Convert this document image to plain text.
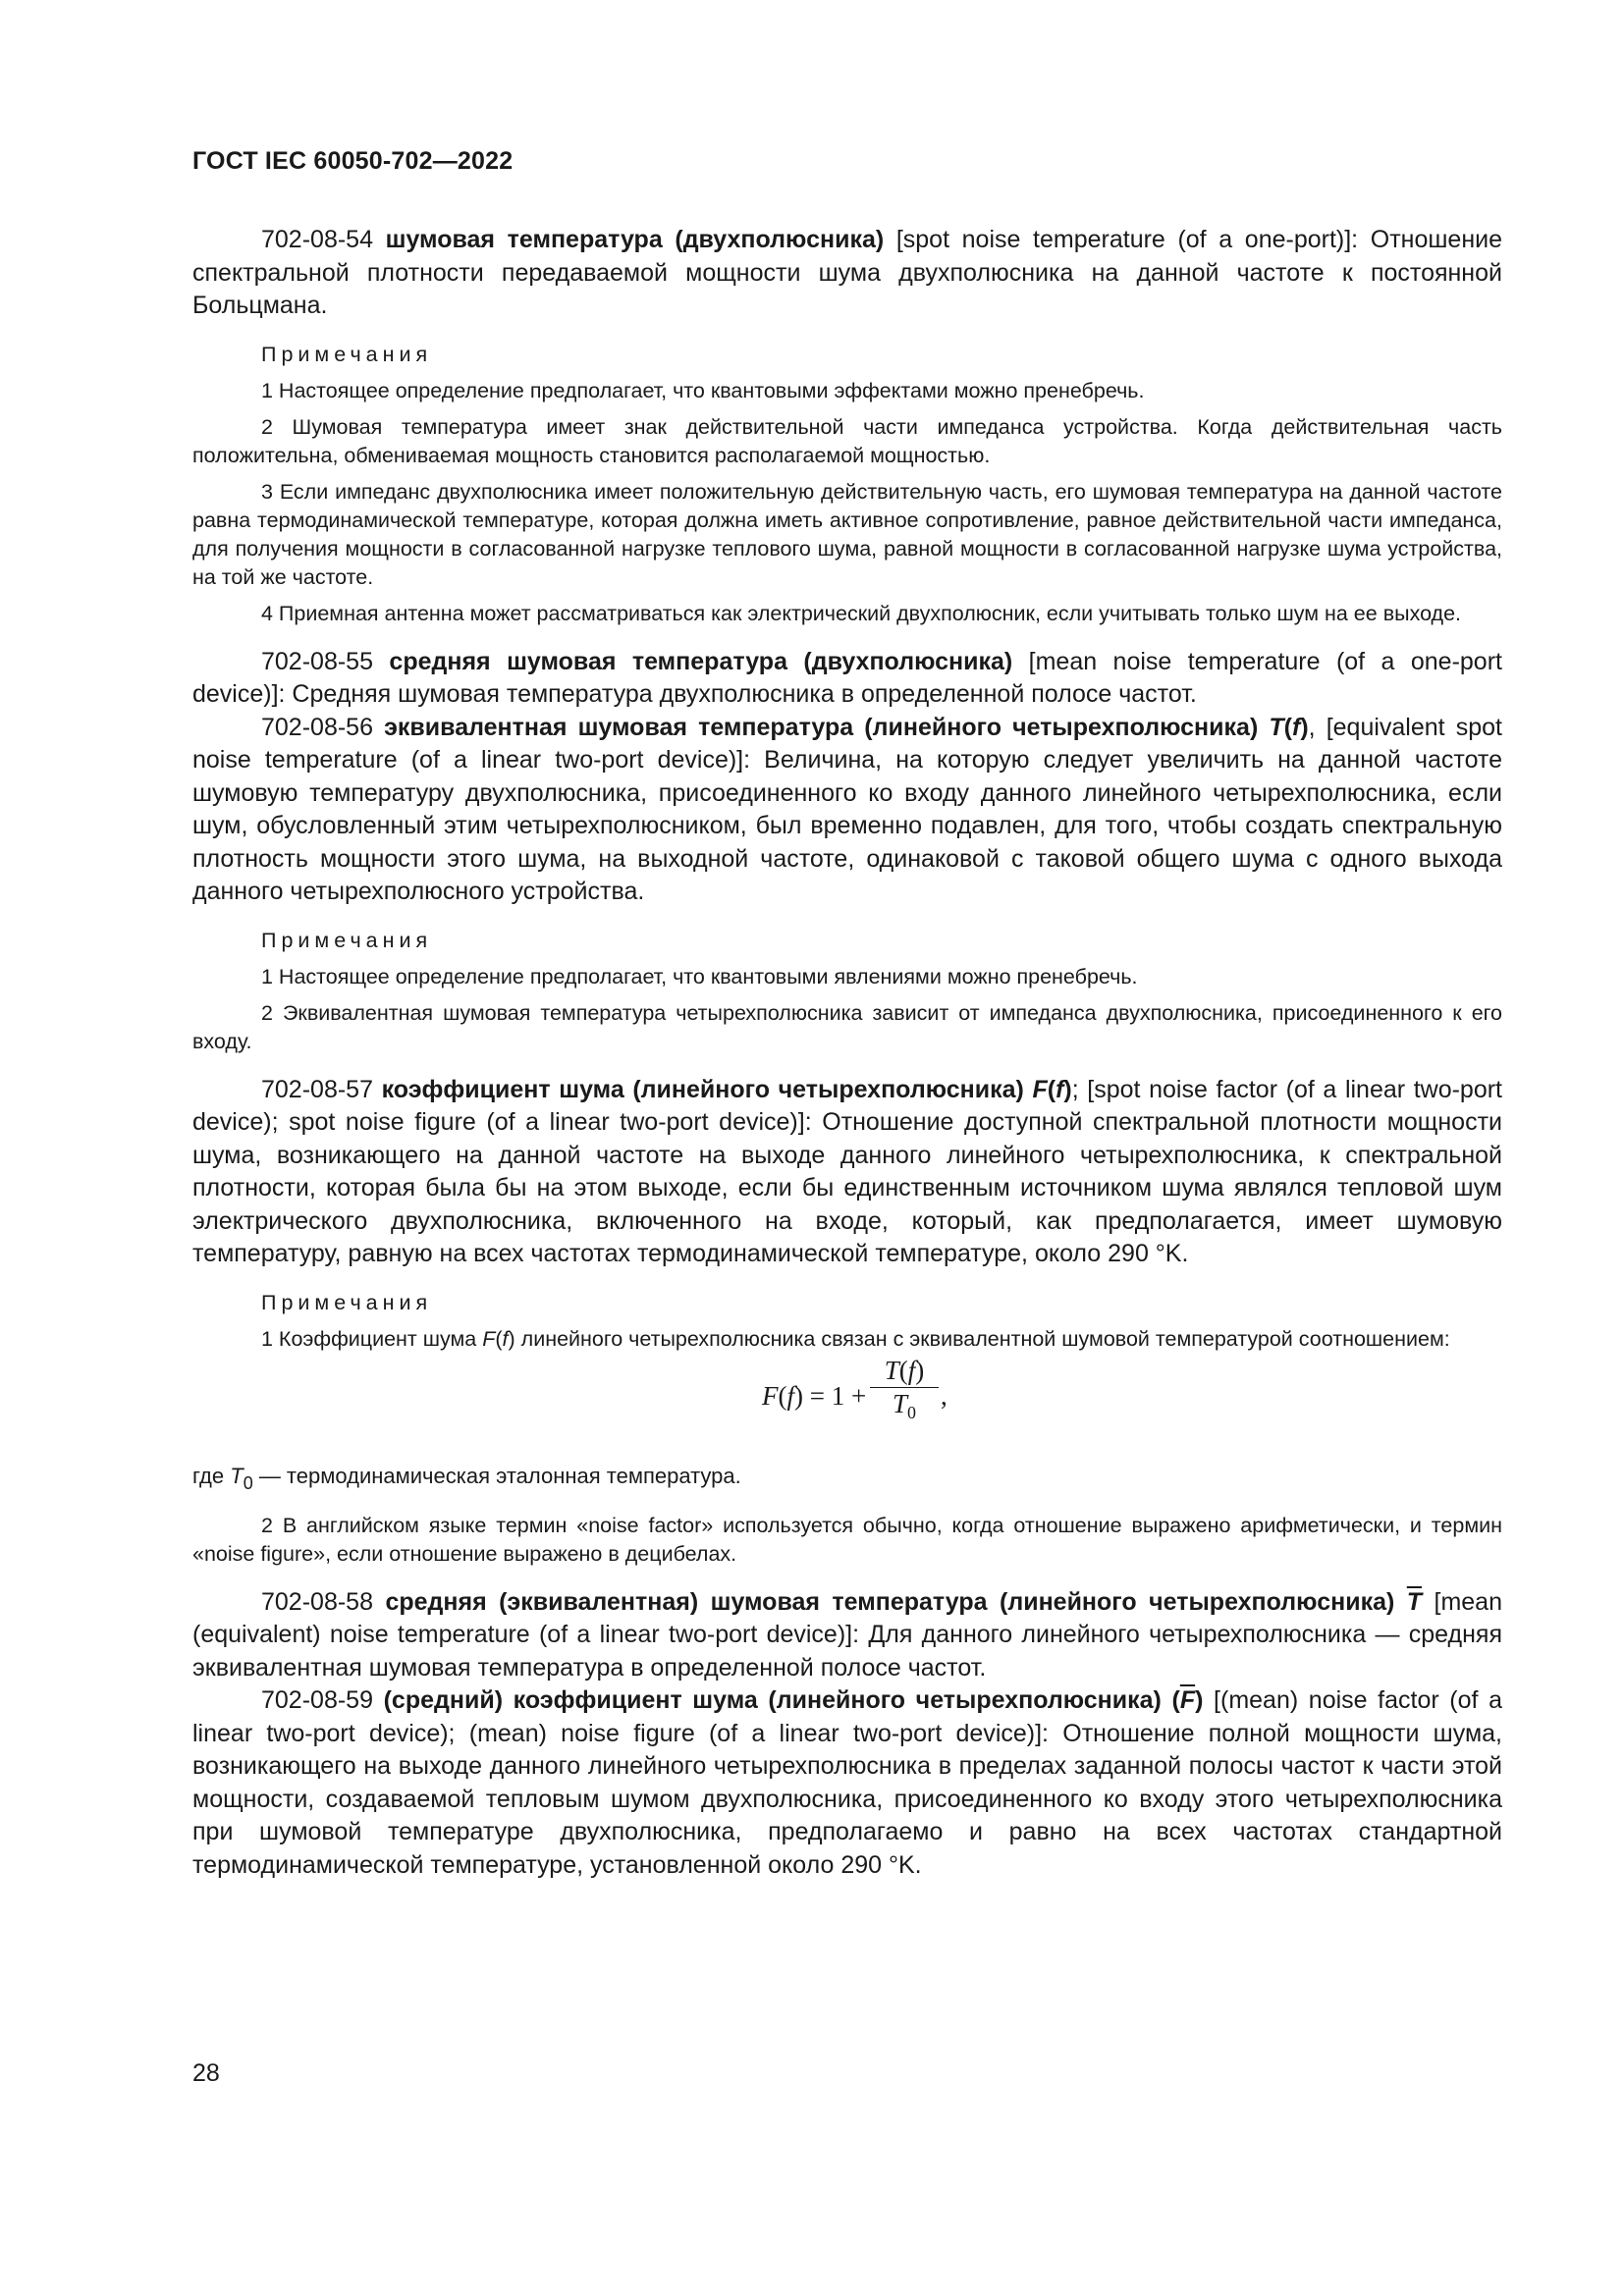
ГОСТ IEC 60050-702—2022

702-08-54 шумовая температура (двухполюсника) [spot noise temperature (of a one-port)]: Отношение спектральной плотности передаваемой мощности шума двухполюсника на данной частоте к постоянной Больцмана.

Примечания

1 Настоящее определение предполагает, что квантовыми эффектами можно пренебречь.

2 Шумовая температура имеет знак действительной части импеданса устройства. Когда действительная часть положительна, обмениваемая мощность становится располагаемой мощностью.

3 Если импеданс двухполюсника имеет положительную действительную часть, его шумовая температура на данной частоте равна термодинамической температуре, которая должна иметь активное сопротивление, равное действительной части импеданса, для получения мощности в согласованной нагрузке теплового шума, равной мощности в согласованной нагрузке шума устройства, на той же частоте.

4 Приемная антенна может рассматриваться как электрический двухполюсник, если учитывать только шум на ее выходе.

702-08-55 средняя шумовая температура (двухполюсника) [mean noise temperature (of a one-port device)]: Средняя шумовая температура двухполюсника в определенной полосе частот.

702-08-56 эквивалентная шумовая температура (линейного четырехполюсника) T(f), [equivalent spot noise temperature (of a linear two-port device)]: Величина, на которую следует увеличить на данной частоте шумовую температуру двухполюсника, присоединенного ко входу данного линейного четырехполюсника, если шум, обусловленный этим четырехполюсником, был временно подавлен, для того, чтобы создать спектральную плотность мощности этого шума, на выходной частоте, одинаковой с таковой общего шума с одного выхода данного четырехполюсного устройства.

Примечания

1 Настоящее определение предполагает, что квантовыми явлениями можно пренебречь.

2 Эквивалентная шумовая температура четырехполюсника зависит от импеданса двухполюсника, присоединенного к его входу.

702-08-57 коэффициент шума (линейного четырехполюсника) F(f); [spot noise factor (of a linear two-port device); spot noise figure (of a linear two-port device)]: Отношение доступной спектральной плотности мощности шума, возникающего на данной частоте на выходе данного линейного четырехполюсника, к спектральной плотности, которая была бы на этом выходе, если бы единственным источником шума являлся тепловой шум электрического двухполюсника, включенного на входе, который, как предполагается, имеет шумовую температуру, равную на всех частотах термодинамической температуре, около 290 °K.

Примечания

1 Коэффициент шума F(f) линейного четырехполюсника связан с эквивалентной шумовой температурой соотношением:

F(f) = 1 +
T(f)
$T_0$
,

где $T_0$ — термодинамическая эталонная температура.

2 В английском языке термин «noise factor» используется обычно, когда отношение выражено арифметически, и термин «noise figure», если отношение выражено в децибелах.

702-08-58 средняя (эквивалентная) шумовая температура (линейного четырехполюсника) $\overline{T}$ [mean (equivalent) noise temperature (of a linear two-port device)]: Для данного линейного четырехполюсника — средняя эквивалентная шумовая температура в определенной полосе частот.

702-08-59 (средний) коэффициент шума (линейного четырехполюсника) $(\overline{F})$ [(mean) noise factor (of a linear two-port device); (mean) noise figure (of a linear two-port device)]: Отношение полной мощности шума, возникающего на выходе данного линейного четырехполюсника в пределах заданной полосы частот к части этой мощности, создаваемой тепловым шумом двухполюсника, присоединенного ко входу этого четырехполюсника при шумовой температуре двухполюсника, предполагаемо и равно на всех частотах стандартной термодинамической температуре, установленной около 290 °K.

28
